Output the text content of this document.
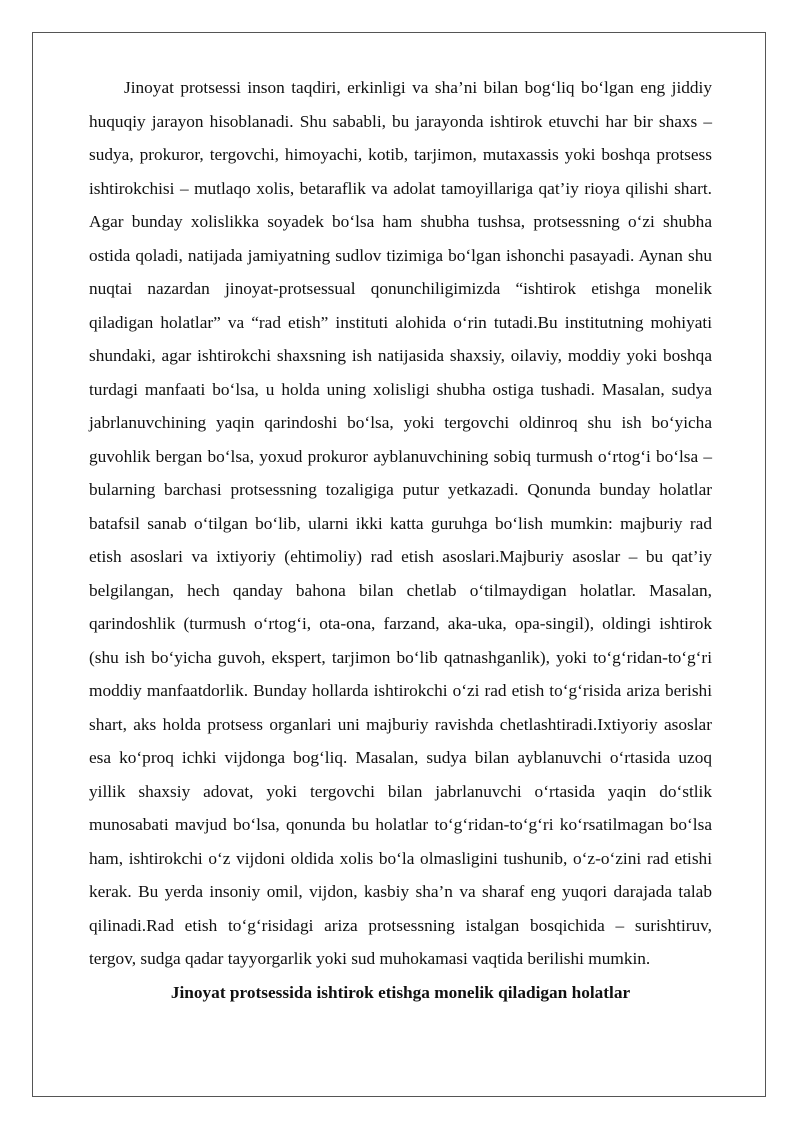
Jinoyat protsessi inson taqdiri, erkinligi va sha’ni bilan bog‘liq bo‘lgan eng jiddiy huquqiy jarayon hisoblanadi. Shu sababli, bu jarayonda ishtirok etuvchi har bir shaxs – sudya, prokuror, tergovchi, himoyachi, kotib, tarjimon, mutaxassis yoki boshqa protsess ishtirokchisi – mutlaqo xolis, betaraflik va adolat tamoyillariga qat’iy rioya qilishi shart. Agar bunday xolislikka soyadek bo‘lsa ham shubha tushsa, protsessning o‘zi shubha ostida qoladi, natijada jamiyatning sudlov tizimiga bo‘lgan ishonchi pasayadi. Aynan shu nuqtai nazardan jinoyat-protsessual qonunchiligimizda “ishtirok etishga monelik qiladigan holatlar” va “rad etish” instituti alohida o‘rin tutadi.Bu institutning mohiyati shundaki, agar ishtirokchi shaxsning ish natijasida shaxsiy, oilaviy, moddiy yoki boshqa turdagi manfaati bo‘lsa, u holda uning xolisligi shubha ostiga tushadi. Masalan, sudya jabrlanuvchining yaqin qarindoshi bo‘lsa, yoki tergovchi oldinroq shu ish bo‘yicha guvohlik bergan bo‘lsa, yoxud prokuror ayblanuvchining sobiq turmush o‘rtog‘i bo‘lsa – bularning barchasi protsessning tozaligiga putur yetkazadi. Qonunda bunday holatlar batafsil sanab o‘tilgan bo‘lib, ularni ikki katta guruhga bo‘lish mumkin: majburiy rad etish asoslari va ixtiyoriy (ehtimoliy) rad etish asoslari.Majburiy asoslar – bu qat’iy belgilangan, hech qanday bahona bilan chetlab o‘tilmaydigan holatlar. Masalan, qarindoshlik (turmush o‘rtog‘i, ota-ona, farzand, aka-uka, opa-singil), oldingi ishtirok (shu ish bo‘yicha guvoh, ekspert, tarjimon bo‘lib qatnashganlik), yoki to‘g‘ridan-to‘g‘ri moddiy manfaatdorlik. Bunday hollarda ishtirokchi o‘zi rad etish to‘g‘risida ariza berishi shart, aks holda protsess organlari uni majburiy ravishda chetlashtiradi.Ixtiyoriy asoslar esa ko‘proq ichki vijdonga bog‘liq. Masalan, sudya bilan ayblanuvchi o‘rtasida uzoq yillik shaxsiy adovat, yoki tergovchi bilan jabrlanuvchi o‘rtasida yaqin do‘stlik munosabati mavjud bo‘lsa, qonunda bu holatlar to‘g‘ridan-to‘g‘ri ko‘rsatilmagan bo‘lsa ham, ishtirokchi o‘z vijdoni oldida xolis bo‘la olmasligini tushunib, o‘z-o‘zini rad etishi kerak. Bu yerda insoniy omil, vijdon, kasbiy sha’n va sharaf eng yuqori darajada talab qilinadi.Rad etish to‘g‘risidagi ariza protsessning istalgan bosqichida – surishtiruv, tergov, sudga qadar tayyorgarlik yoki sud muhokamasi vaqtida berilishi mumkin.

Jinoyat protsessida ishtirok etishga monelik qiladigan holatlar
